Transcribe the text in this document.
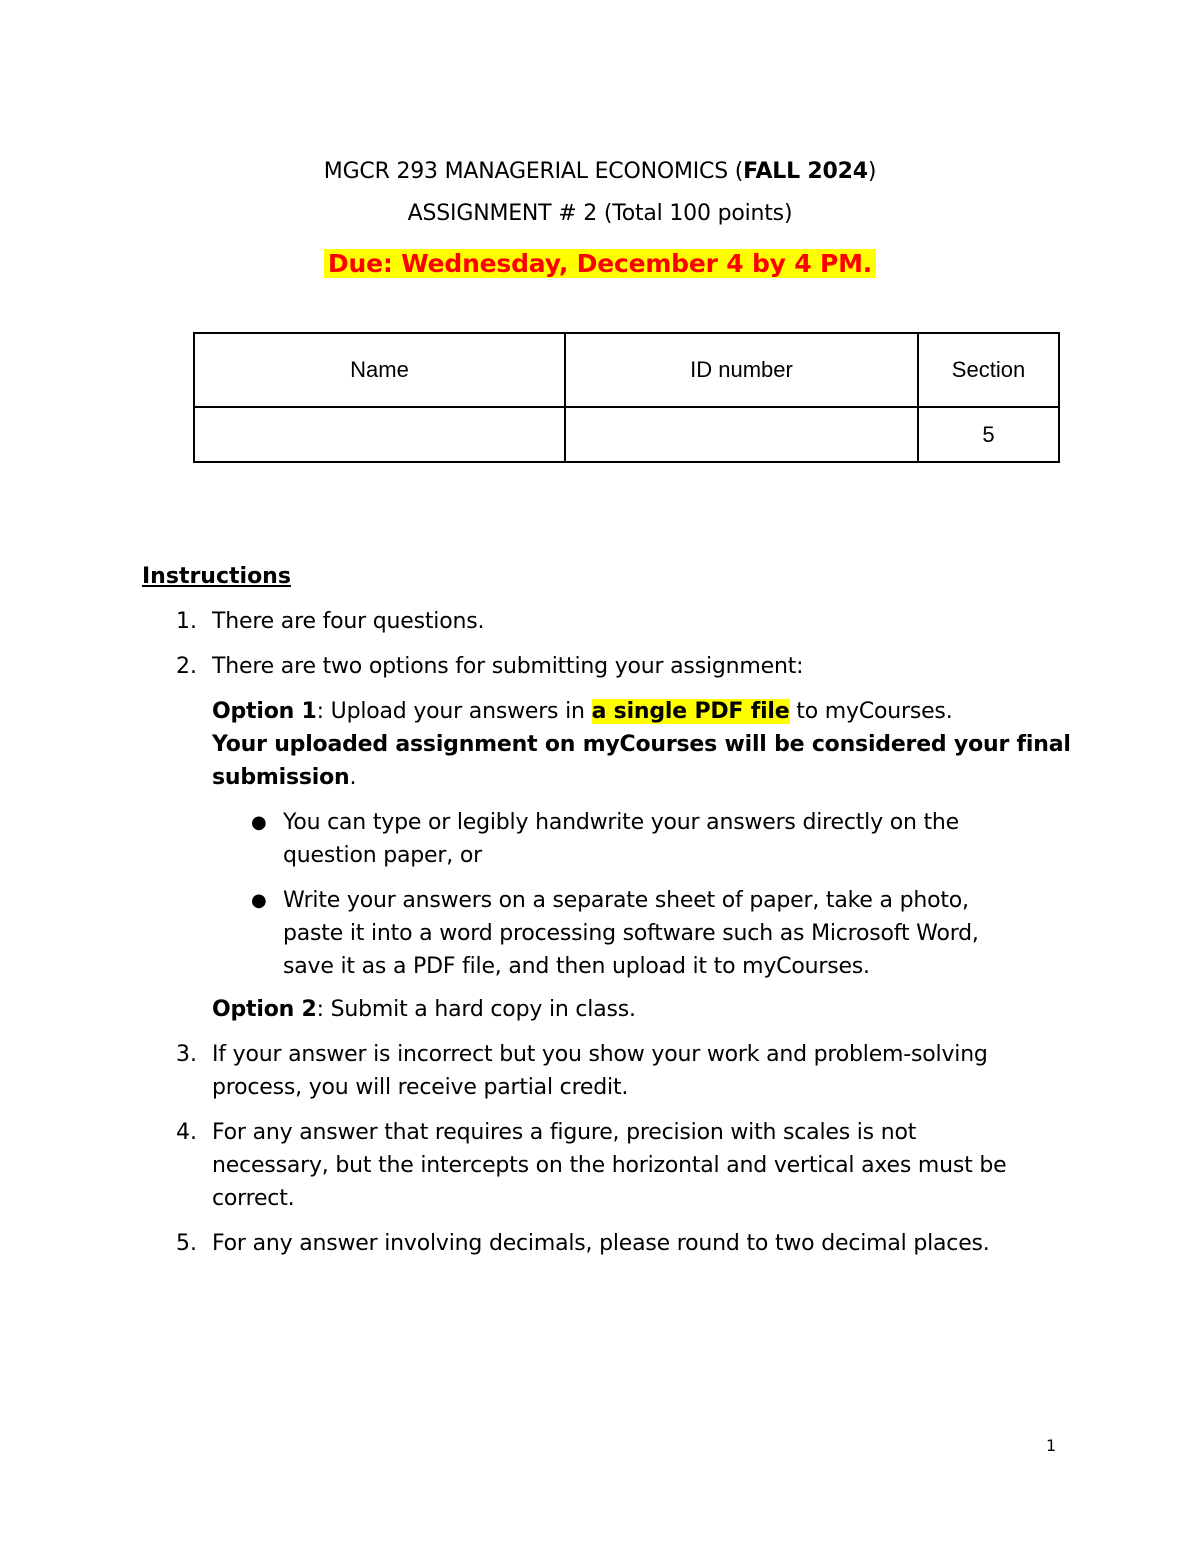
MGCR 293 MANAGERIAL ECONOMICS (FALL 2024)
ASSIGNMENT # 2 (Total 100 points)
Due: Wednesday, December 4 by 4 PM.
Name	ID number	Section
		5
Instructions
1. There are four questions.
2. There are two options for submitting your assignment:
Option 1: Upload your answers in a single PDF file to myCourses.
Your uploaded assignment on myCourses will be considered your final
submission.
● You can type or legibly handwrite your answers directly on the
question paper, or
● Write your answers on a separate sheet of paper, take a photo,
paste it into a word processing software such as Microsoft Word,
save it as a PDF file, and then upload it to myCourses.
Option 2: Submit a hard copy in class.
3. If your answer is incorrect but you show your work and problem-solving
process, you will receive partial credit.
4. For any answer that requires a figure, precision with scales is not
necessary, but the intercepts on the horizontal and vertical axes must be
correct.
5. For any answer involving decimals, please round to two decimal places.
1
